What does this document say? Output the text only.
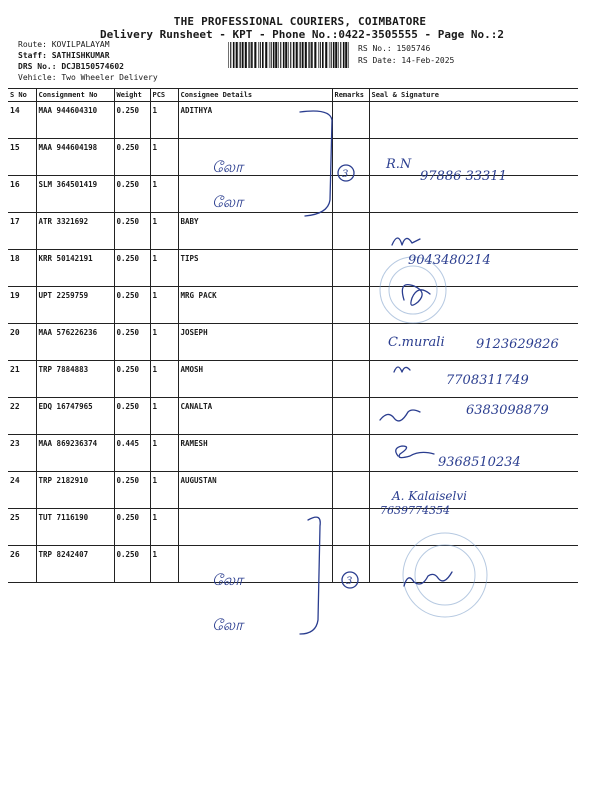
THE PROFESSIONAL COURIERS, COIMBATORE
Delivery Runsheet - KPT - Phone No.:0422-3505555 - Page No.:2
Route: KOVILPALAYAM
Staff: SATHISHKUMAR
DRS No.: DCJB150574602
Vehicle: Two Wheeler Delivery
RS No.: 1505746
RS Date: 14-Feb-2025
S No	Consignment No	Weight	PCS	Consignee Details	Remarks	Seal & Signature
14	MAA 944604310	0.250	1	ADITHYA		
15	MAA 944604198	0.250	1			
16	SLM 364501419	0.250	1			
17	ATR 3321692	0.250	1	BABY		
18	KRR 50142191	0.250	1	TIPS		
19	UPT 2259759	0.250	1	MRG PACK		
20	MAA 576226236	0.250	1	JOSEPH		
21	TRP 7884883	0.250	1	AMOSH		
22	EDQ 16747965	0.250	1	CANALTA		
23	MAA 869236374	0.445	1	RAMESH		
24	TRP 2182910	0.250	1	AUGUSTAN		
25	TUT 7116190	0.250	1			
26	TRP 8242407	0.250	1			
லோ
லோ
லோ
லோ
3
3
R.N
97886 33311
9043480214
C.murali 9123629826
7708311749
6383098879
9368510234
A. Kalaiselvi
7639774354
